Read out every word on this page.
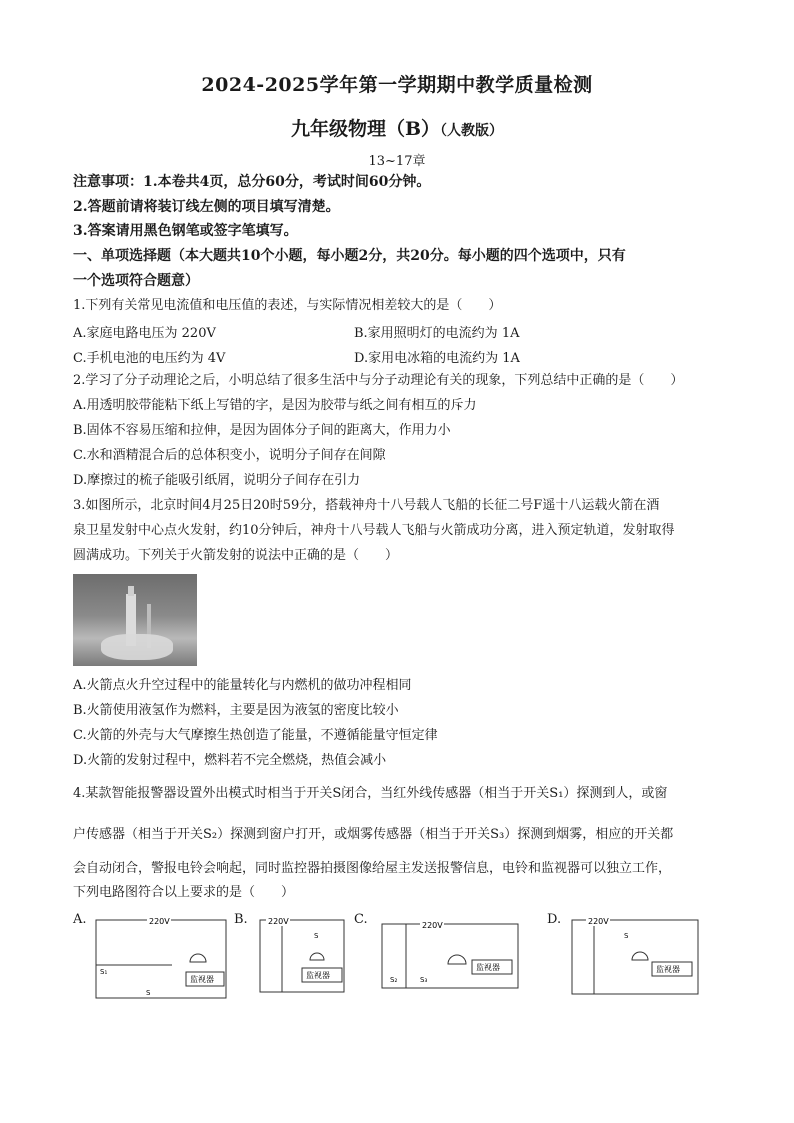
2024-2025学年第一学期期中教学质量检测
九年级物理（B）（人教版）
13~17章
注意事项：1.本卷共4页，总分60分，考试时间60分钟。
2.答题前请将装订线左侧的项目填写清楚。
3.答案请用黑色钢笔或签字笔填写。
一、单项选择题（本大题共10个小题，每小题2分，共20分。每小题的四个选项中，只有
一个选项符合题意）
1.下列有关常见电流值和电压值的表述，与实际情况相差较大的是（　　）
A.家庭电路电压为 220V	B.家用照明灯的电流约为 1A
C.手机电池的电压约为 4V	D.家用电冰箱的电流约为 1A
2.学习了分子动理论之后，小明总结了很多生活中与分子动理论有关的现象，下列总结中正确的是（　　）
A.用透明胶带能粘下纸上写错的字，是因为胶带与纸之间有相互的斥力
B.固体不容易压缩和拉伸，是因为固体分子间的距离大，作用力小
C.水和酒精混合后的总体积变小，说明分子间存在间隙
D.摩擦过的梳子能吸引纸屑，说明分子间存在引力
3.如图所示，北京时间4月25日20时59分，搭载神舟十八号载人飞船的长征二号F遥十八运载火箭在酒
泉卫星发射中心点火发射，约10分钟后，神舟十八号载人飞船与火箭成功分离，进入预定轨道，发射取得
圆满成功。下列关于火箭发射的说法中正确的是（　　）
A.火箭点火升空过程中的能量转化与内燃机的做功冲程相同
B.火箭使用液氢作为燃料，主要是因为液氢的密度比较小
C.火箭的外壳与大气摩擦生热创造了能量，不遵循能量守恒定律
D.火箭的发射过程中，燃料若不完全燃烧，热值会减小
4.某款智能报警器设置外出模式时相当于开关S闭合，当红外线传感器（相当于开关S₁）探测到人，或窗
户传感器（相当于开关S₂）探测到窗户打开，或烟雾传感器（相当于开关S₃）探测到烟雾，相应的开关都
会自动闭合，警报电铃会响起，同时监控器拍摄图像给屋主发送报警信息，电铃和监视器可以独立工作，
下列电路图符合以上要求的是（　　）
A.	220V
监视器
S₁
S
B.	220V
监视器
S
C.	220V
监视器
S₂	S₃
D.	220V
监视器
S
